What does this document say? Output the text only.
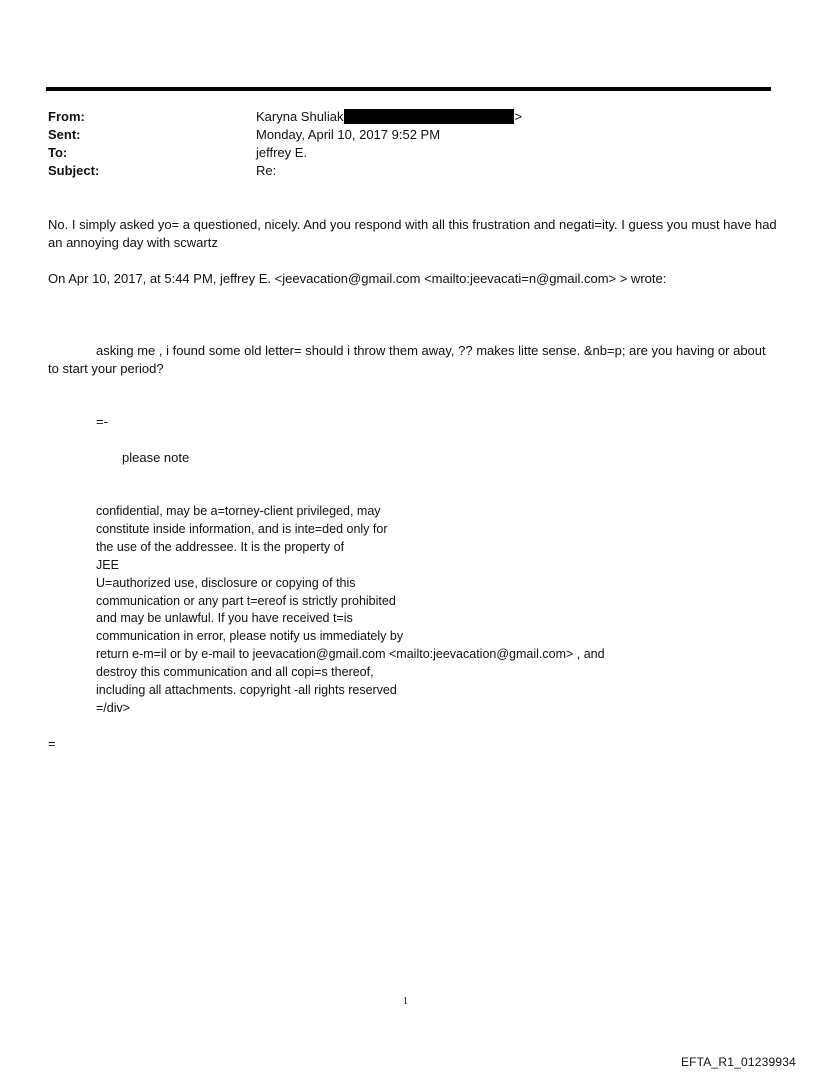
From:	Karyna Shuliak	>
Sent:	Monday, April 10, 2017 9:52 PM
To:	jeffrey E.
Subject:	Re:
No. I simply asked yo= a questioned, nicely. And you respond with all this frustration and negati=ity. I guess you must have had an annoying day with scwartz
On Apr 10, 2017, at 5:44 PM, jeffrey E. <jeevacation@gmail.com <mailto:jeevacati=n@gmail.com> > wrote:
asking me , i found some old letter= should i throw them away, ?? makes litte sense. &nb=p; are you having or about to start your period?
=-
please note
confidential, may be a=torney-client privileged, may
constitute inside information, and is inte=ded only for
the use of the addressee. It is the property of
JEE
U=authorized use, disclosure or copying of this
communication or any part t=ereof is strictly prohibited
and may be unlawful. If you have received t=is
communication in error, please notify us immediately by
return e-m=il or by e-mail to jeevacation@gmail.com <mailto:jeevacation@gmail.com> , and
destroy this communication and all copi=s thereof,
including all attachments. copyright -all rights reserved
=/div>
=
1
EFTA_R1_01239934
